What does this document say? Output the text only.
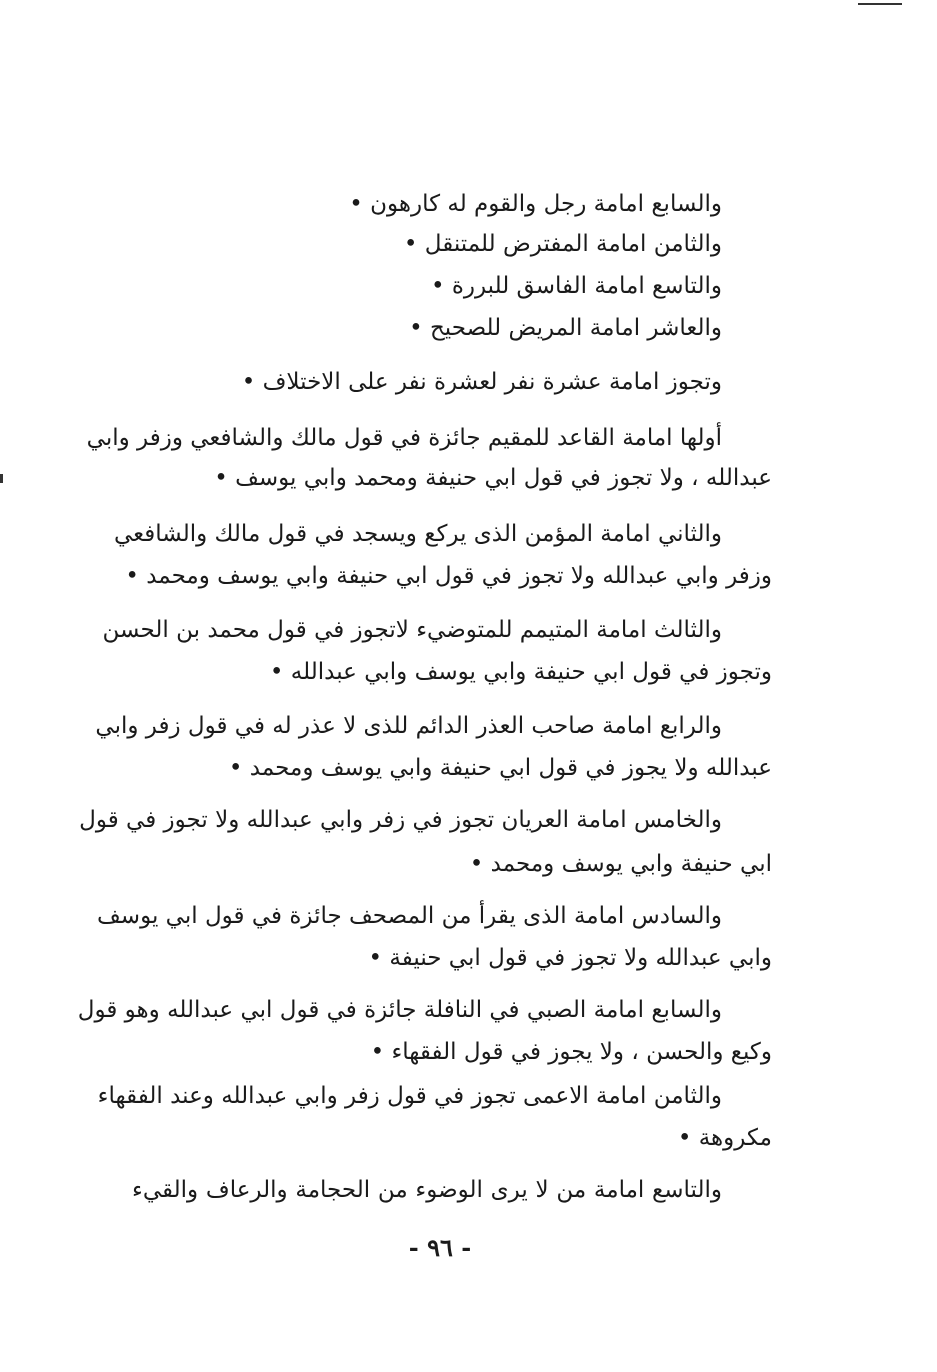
والسابع امامة رجل والقوم له كارهون •
والثامن امامة المفترض للمتنقل •
والتاسع امامة الفاسق للبررة •
والعاشر امامة المريض للصحيح •
وتجوز امامة عشرة نفر لعشرة نفر على الاختلاف •
أولها امامة القاعد للمقيم جائزة في قول مالك والشافعي وزفر وابي
عبدالله ، ولا تجوز في قول ابي حنيفة ومحمد وابي يوسف •
والثاني امامة المؤمن الذى يركع ويسجد في قول مالك والشافعي
وزفر وابي عبدالله ولا تجوز في قول ابي حنيفة وابي يوسف ومحمد •
والثالث امامة المتيمم للمتوضيء لاتجوز في قول محمد بن الحسن
وتجوز في قول ابي حنيفة وابي يوسف وابي عبدالله •
والرابع امامة صاحب العذر الدائم للذى لا عذر له في قول زفر وابي
عبدالله ولا يجوز في قول ابي حنيفة وابي يوسف ومحمد •
والخامس امامة العريان تجوز في زفر وابي عبدالله ولا تجوز في قول
ابي حنيفة وابي يوسف ومحمد •
والسادس امامة الذى يقرأ من المصحف جائزة في قول ابي يوسف
وابي عبدالله ولا تجوز في قول ابي حنيفة •
والسابع امامة الصبي في النافلة جائزة في قول ابي عبدالله وهو قول
وكيع والحسن ، ولا يجوز في قول الفقهاء •
والثامن امامة الاعمى تجوز في قول زفر وابي عبدالله وعند الفقهاء
مكروهة •
والتاسع امامة من لا يرى الوضوء من الحجامة والرعاف والقيء
- ٩٦ -
